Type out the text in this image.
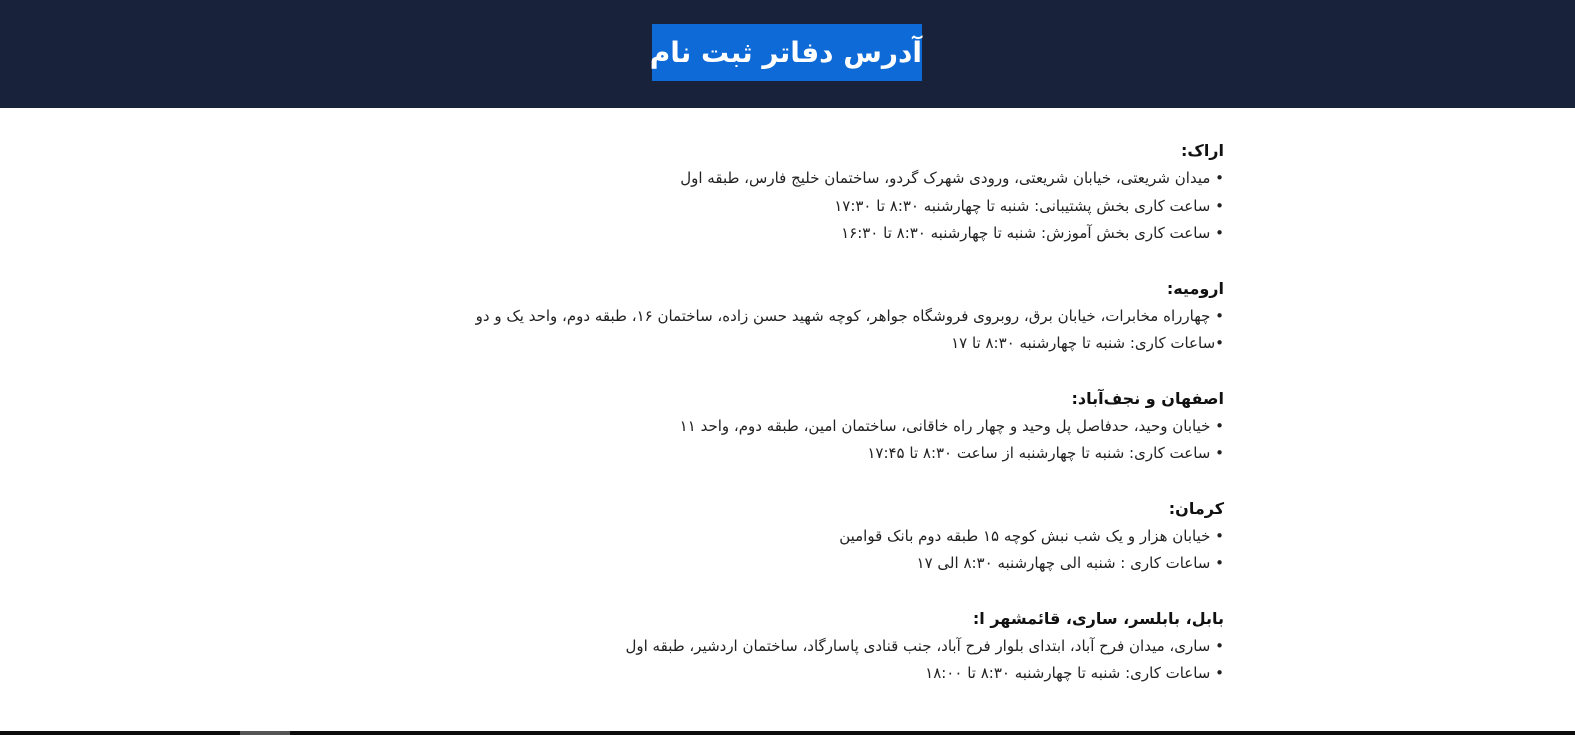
آدرس دفاتر ثبت نام
اراک:
• میدان شریعتی، خیابان شریعتی، ورودی شهرک گردو، ساختمان خلیج فارس، طبقه اول
• ساعت کاری بخش پشتیبانی: شنبه تا چهارشنبه ۸:۳۰ تا ۱۷:۳۰
• ساعت کاری بخش آموزش: شنبه تا چهارشنبه ۸:۳۰ تا ۱۶:۳۰
ارومیه:
• چهارراه مخابرات، خیابان برق، روبروی فروشگاه جواهر، کوچه شهید حسن زاده، ساختمان ۱۶، طبقه دوم، واحد یک و دو
•ساعات کاری: شنبه تا چهارشنبه ۸:۳۰ تا ۱۷
اصفهان و نجف‌آباد:
• خیابان وحید، حدفاصل پل وحید و چهار راه خاقانی، ساختمان امین، طبقه دوم، واحد ۱۱
• ساعت کاری: شنبه تا چهارشنبه از ساعت ۸:۳۰ تا ۱۷:۴۵
کرمان:
• خیابان هزار و یک شب نبش کوچه ۱۵ طبقه دوم بانک قوامین
• ساعات کاری : شنبه الی چهارشنبه ۸:۳۰ الی ۱۷
بابل، بابلسر، ساری، قائمشهر ا:
• ساری، میدان فرح آباد، ابتدای بلوار فرح آباد، جنب قنادی پاسارگاد، ساختمان اردشیر، طبقه اول
• ساعات کاری: شنبه تا چهارشنبه ۸:۳۰ تا ۱۸:۰۰
